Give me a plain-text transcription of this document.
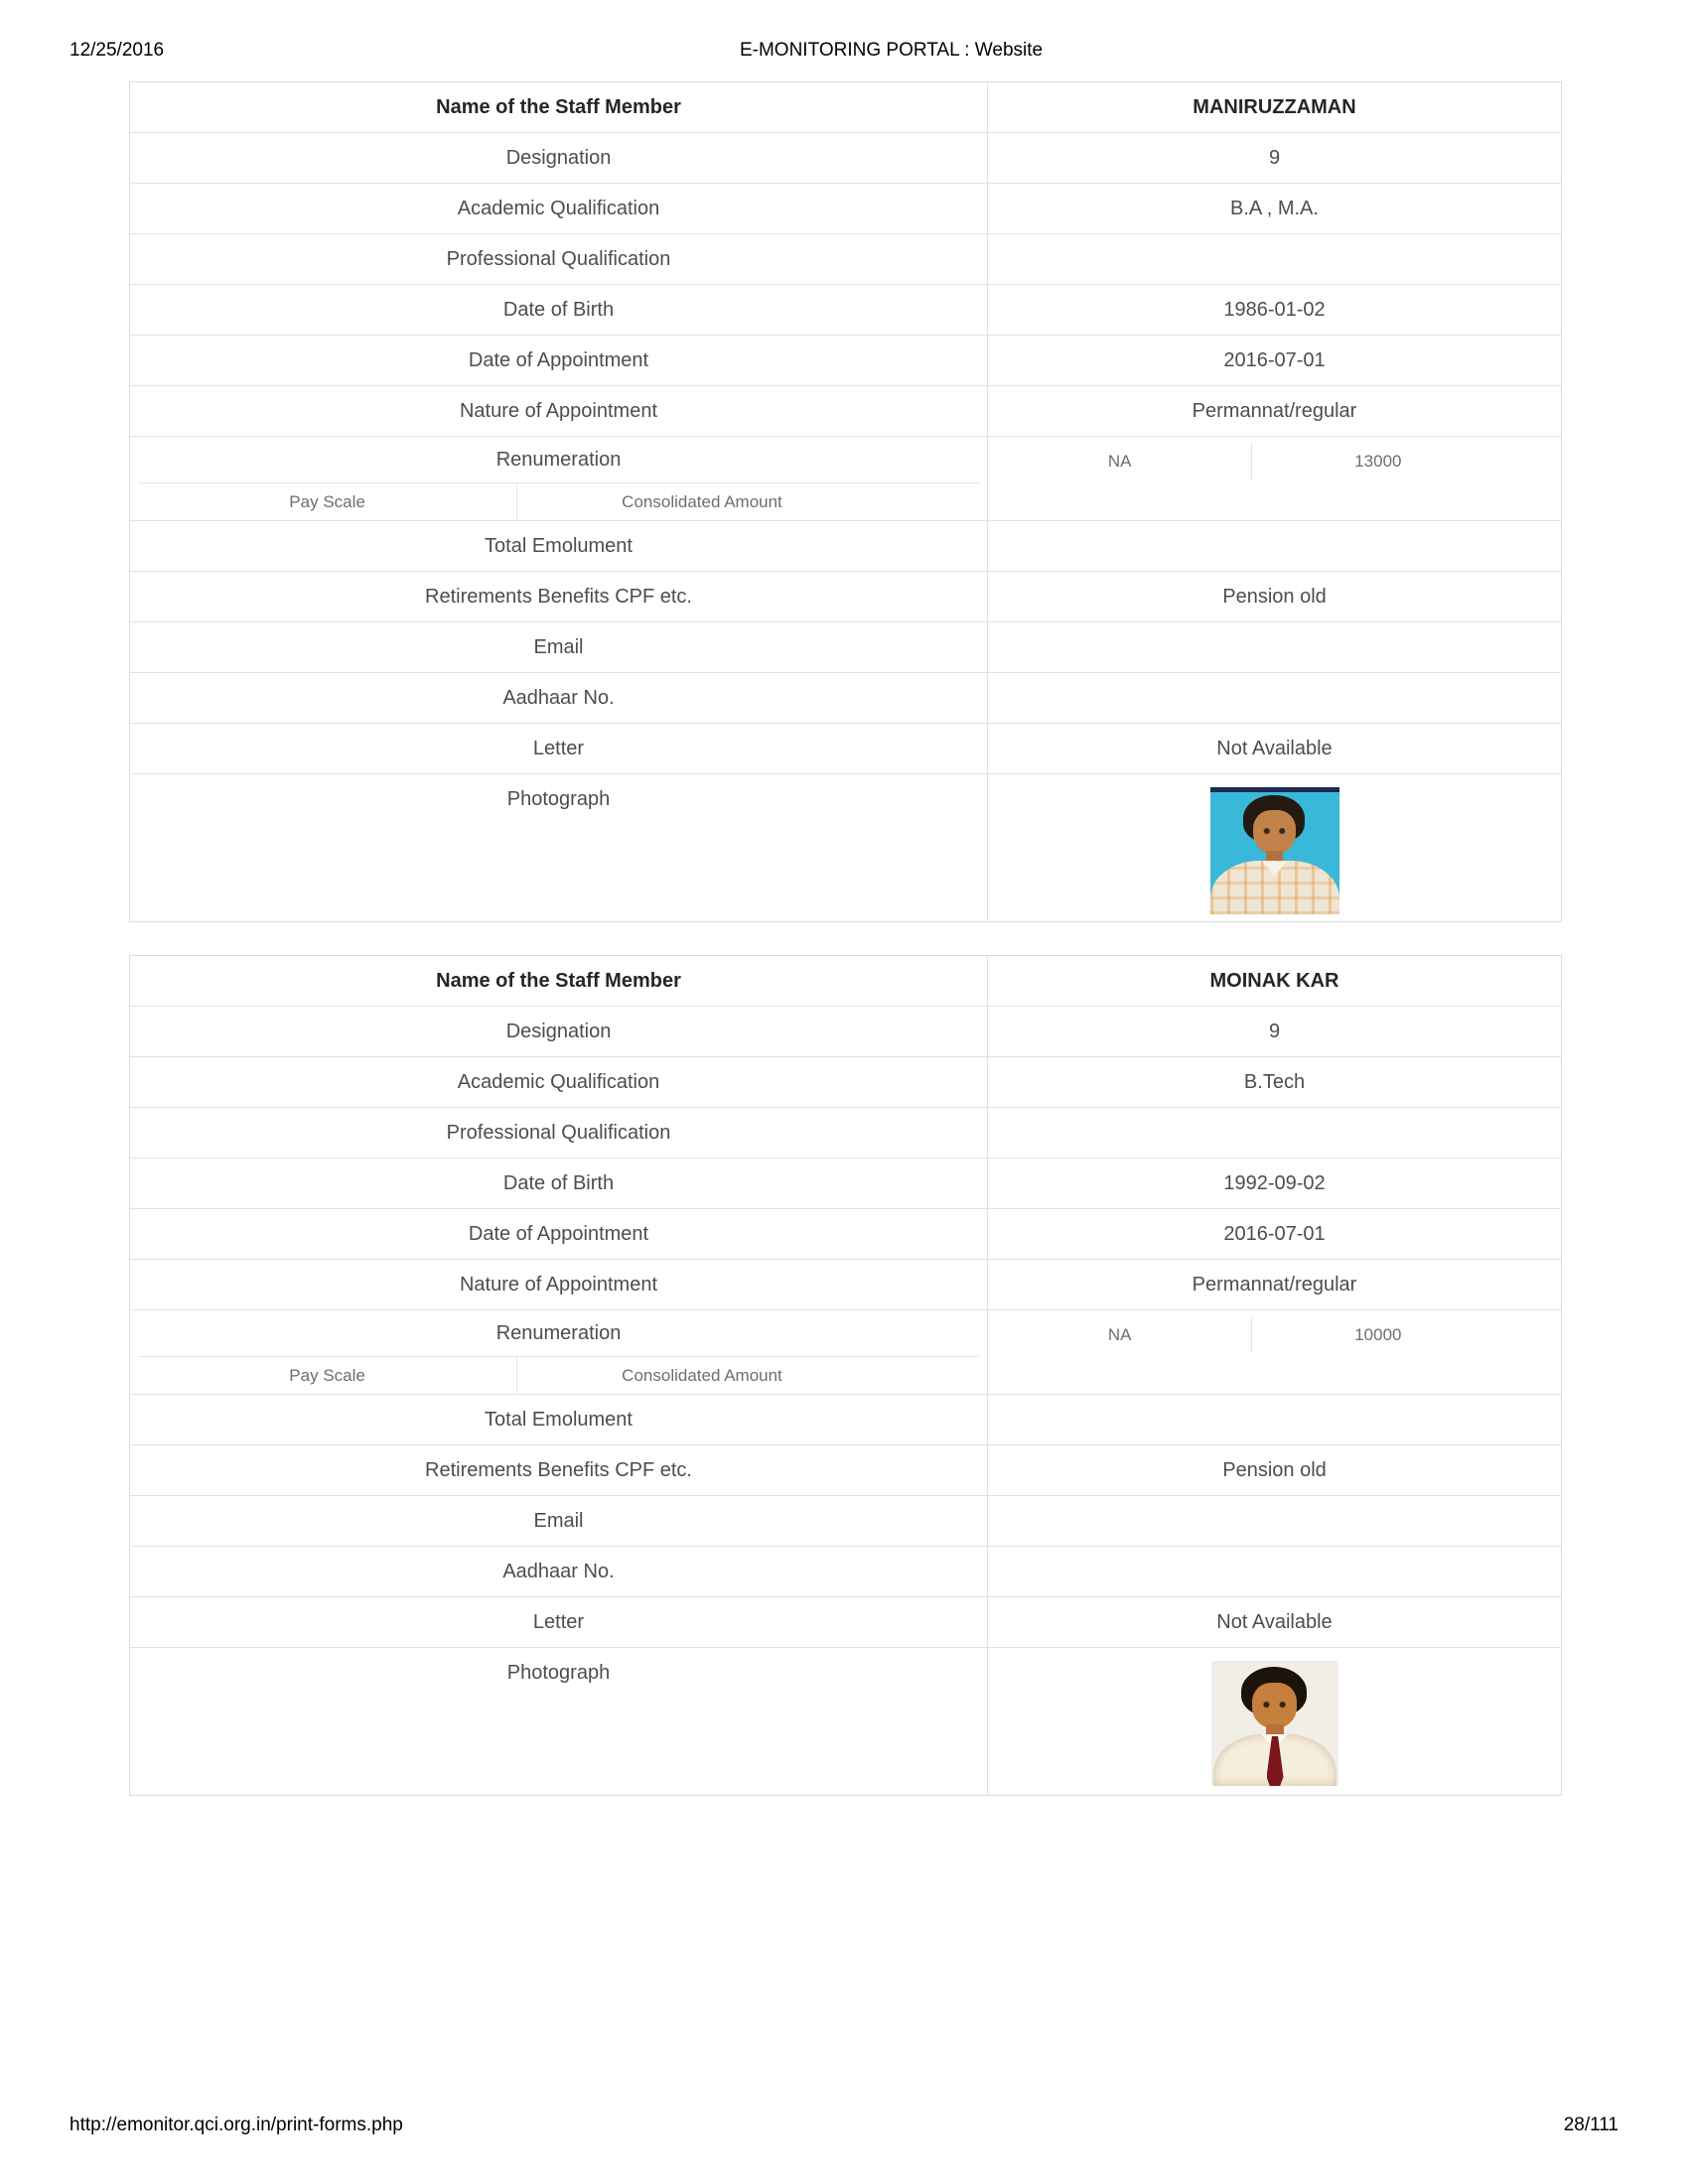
12/25/2016	E-MONITORING PORTAL : Website
Name of the Staff Member	MANIRUZZAMAN
Designation	9
Academic Qualification	B.A , M.A.
Professional Qualification
Date of Birth	1986-01-02
Date of Appointment	2016-07-01
Nature of Appointment	Permannat/regular
Renumeration
Pay Scale	Consolidated Amount
NA	13000
Total Emolument
Retirements Benefits CPF etc.	Pension old
Email
Aadhaar No.
Letter	Not Available
Photograph
Name of the Staff Member	MOINAK KAR
Designation	9
Academic Qualification	B.Tech
Professional Qualification
Date of Birth	1992-09-02
Date of Appointment	2016-07-01
Nature of Appointment	Permannat/regular
Renumeration
Pay Scale	Consolidated Amount
NA	10000
Total Emolument
Retirements Benefits CPF etc.	Pension old
Email
Aadhaar No.
Letter	Not Available
Photograph
http://emonitor.qci.org.in/print-forms.php	28/111
